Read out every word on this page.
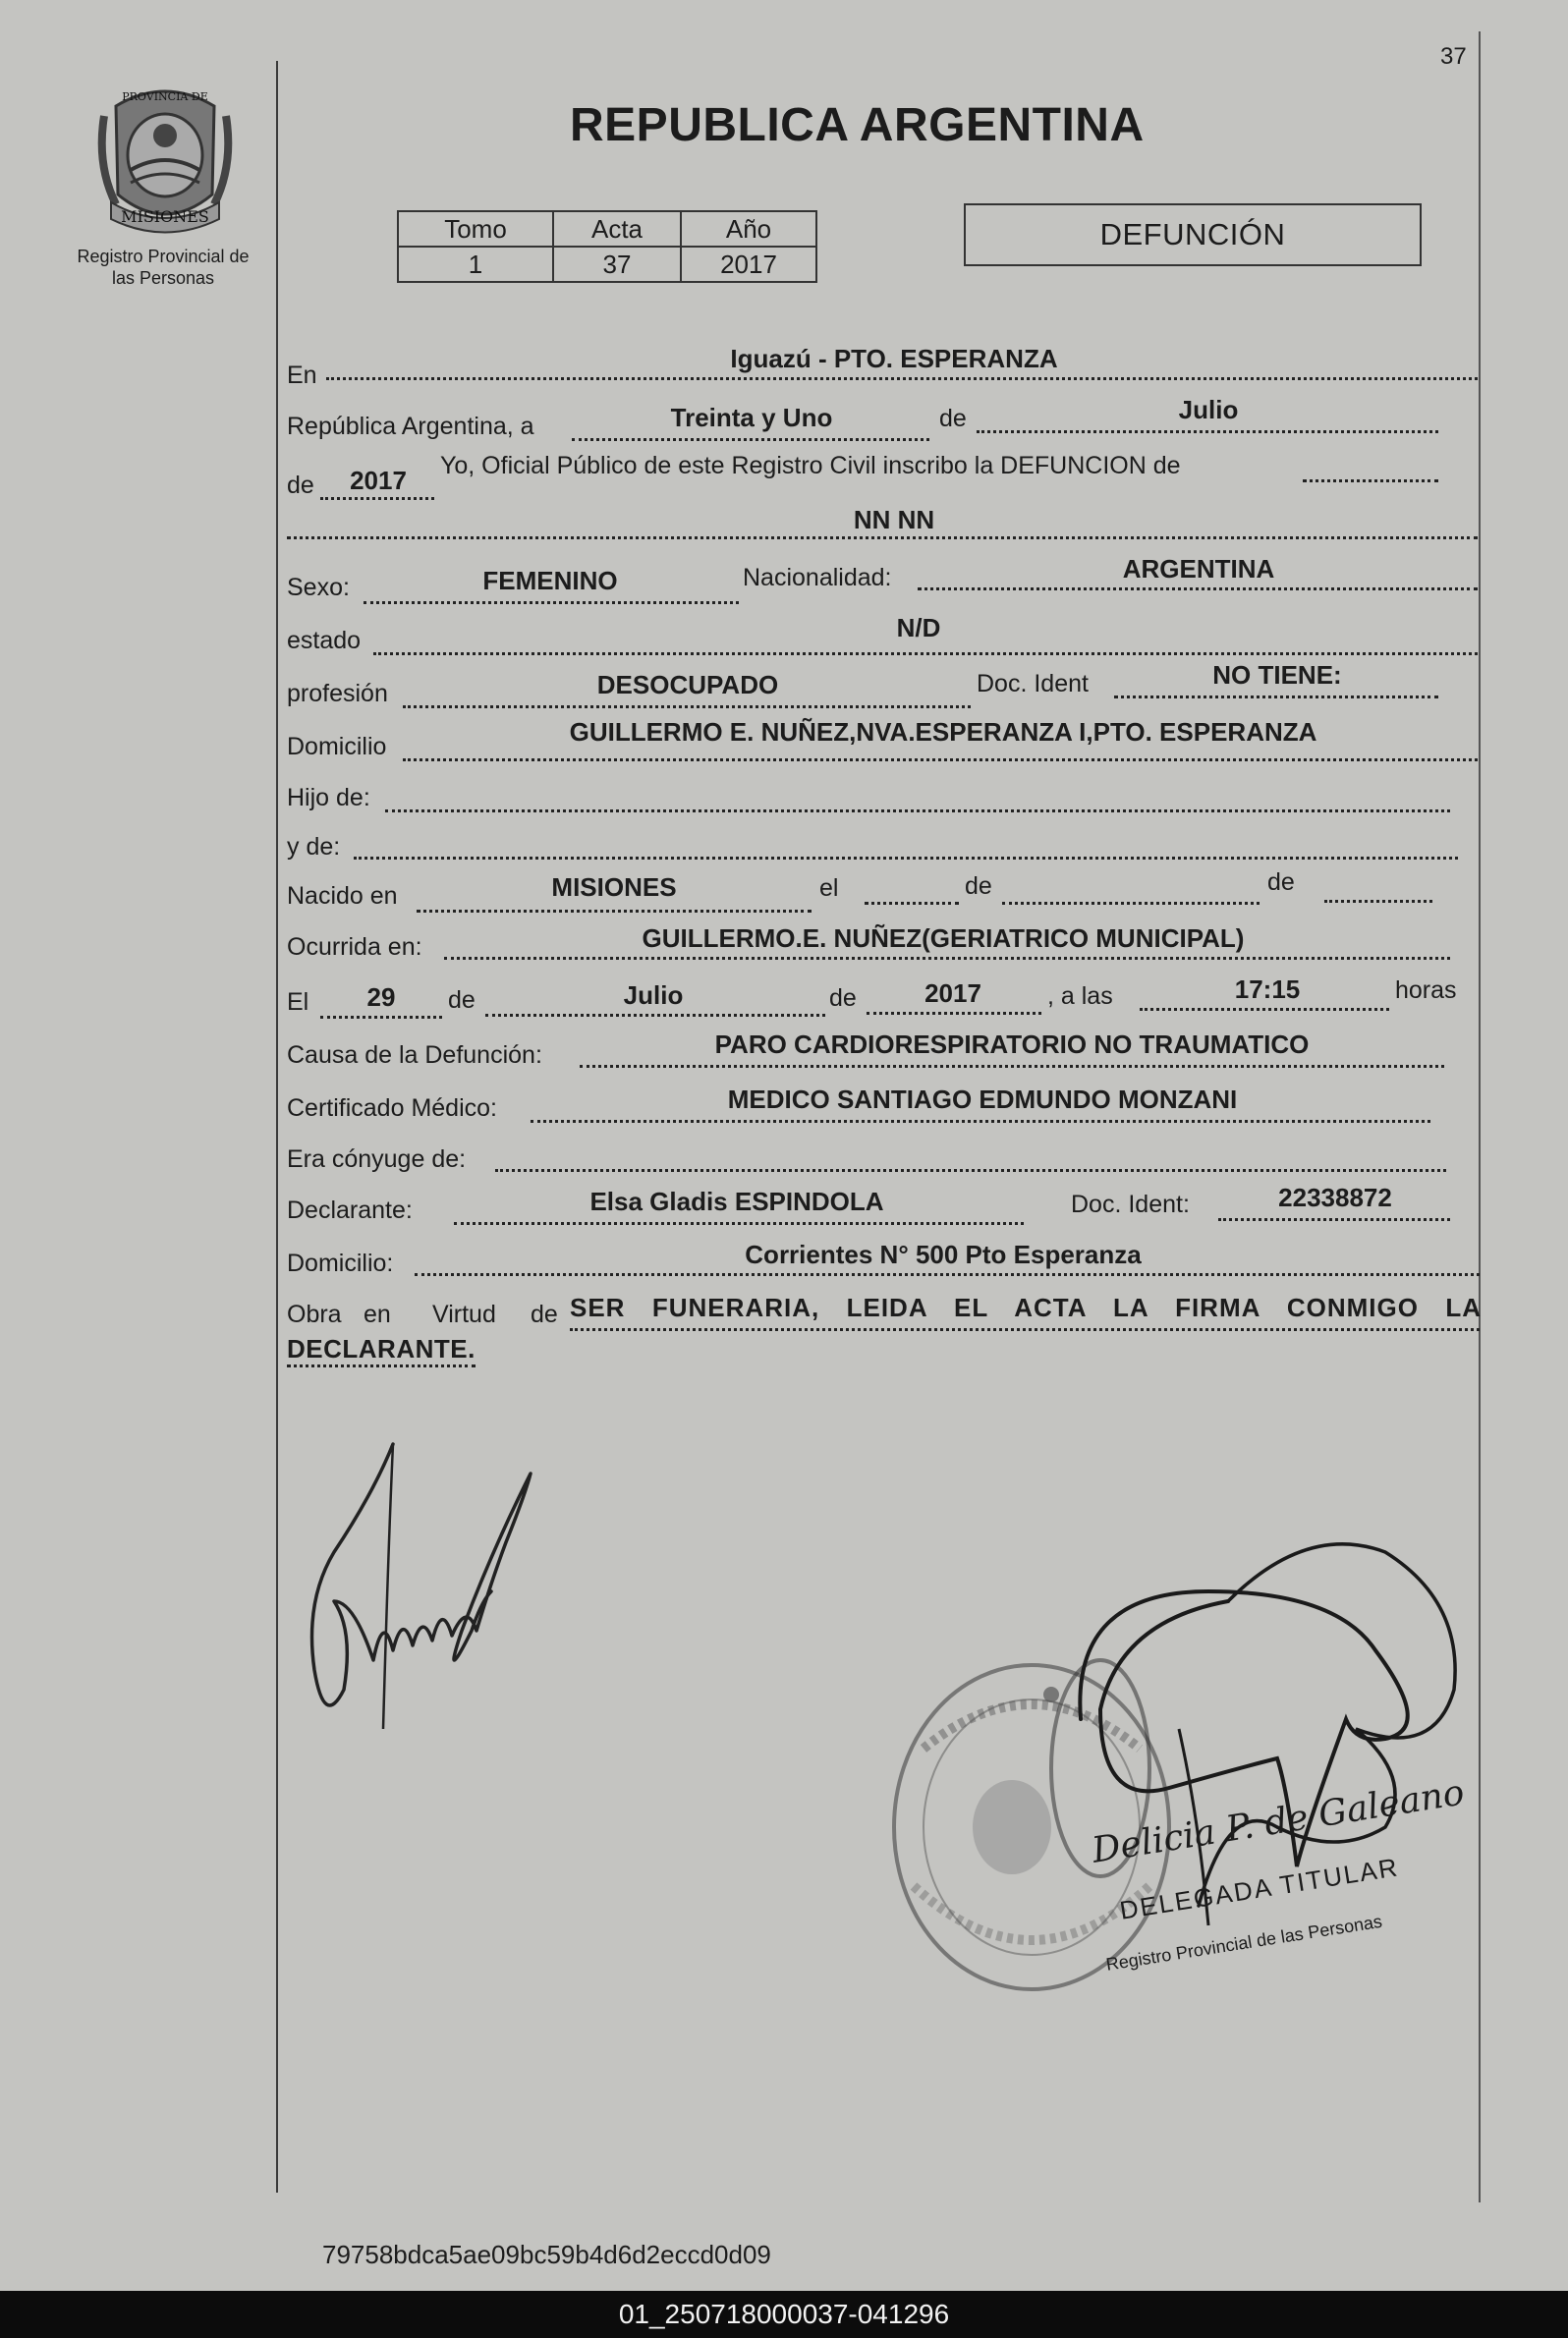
37
MISIONES
PROVINCIA DE
Registro Provincial de
las Personas
REPUBLICA ARGENTINA
Tomo	Acta	Año
1	37	2017
DEFUNCIÓN
En
Iguazú - PTO. ESPERANZA
República Argentina, a	Treinta y Uno	de	Julio
de	2017	Yo, Oficial Público de este Registro Civil inscribo la DEFUNCION de
NN NN
Sexo:	FEMENINO	Nacionalidad:	ARGENTINA
estado	N/D
profesión	DESOCUPADO	Doc. Ident	NO TIENE:
Domicilio	GUILLERMO E. NUÑEZ,NVA.ESPERANZA I,PTO. ESPERANZA
Hijo de:
y de:
Nacido en	MISIONES	el	de	de
Ocurrida en:	GUILLERMO.E. NUÑEZ(GERIATRICO MUNICIPAL)
El	29	de	Julio	de	2017	, a las	17:15	horas
Causa de la Defunción:	PARO CARDIORESPIRATORIO NO TRAUMATICO
Certificado Médico:	MEDICO SANTIAGO EDMUNDO MONZANI
Era cónyuge de:
Declarante:	Elsa Gladis ESPINDOLA	Doc. Ident:	22338872
Domicilio:	Corrientes N° 500 Pto Esperanza
Obra en Virtud de SER FUNERARIA, LEIDA EL ACTA LA FIRMA CONMIGO LA
DECLARANTE.
Delicia P. de Galeano
DELEGADA TITULAR
Registro Provincial de las Personas
79758bdca5ae09bc59b4d6d2eccd0d09
01_250718000037-041296
